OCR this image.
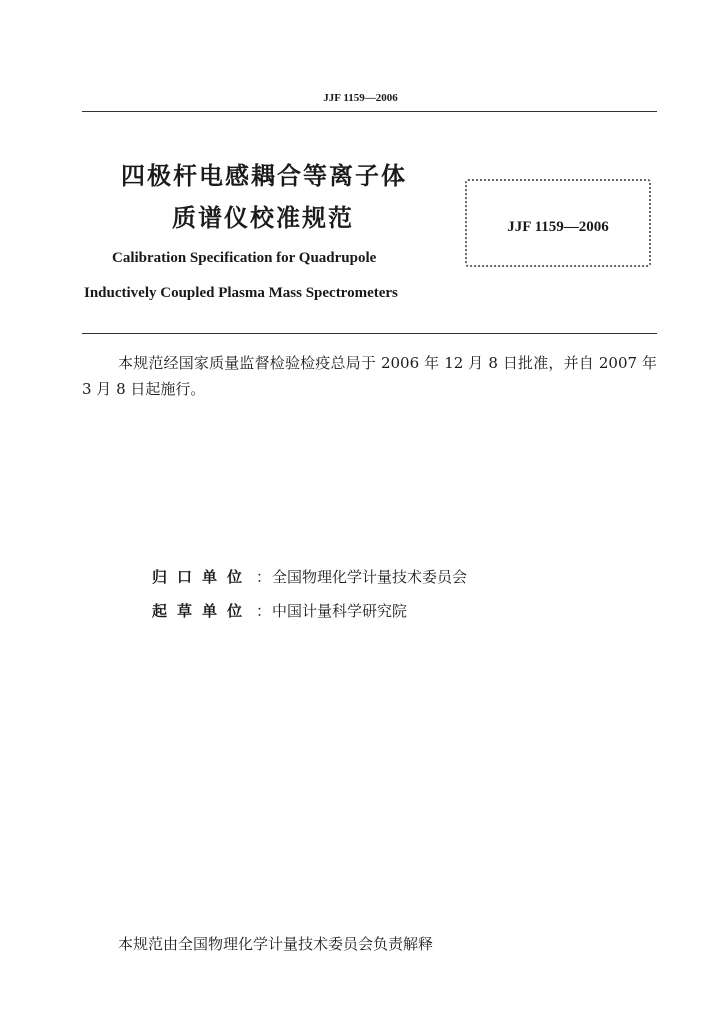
JJF 1159—2006
四极杆电感耦合等离子体
质谱仪校准规范	JJF 1159—2006
Calibration Specification for Quadrupole
Inductively Coupled Plasma Mass Spectrometers
本规范经国家质量监督检验检疫总局于 2006 年 12 月 8 日批准，并自 2007 年 3 月 8 日起施行。
归口单位 ：全国物理化学计量技术委员会
起草单位 ：中国计量科学研究院
本规范由全国物理化学计量技术委员会负责解释
